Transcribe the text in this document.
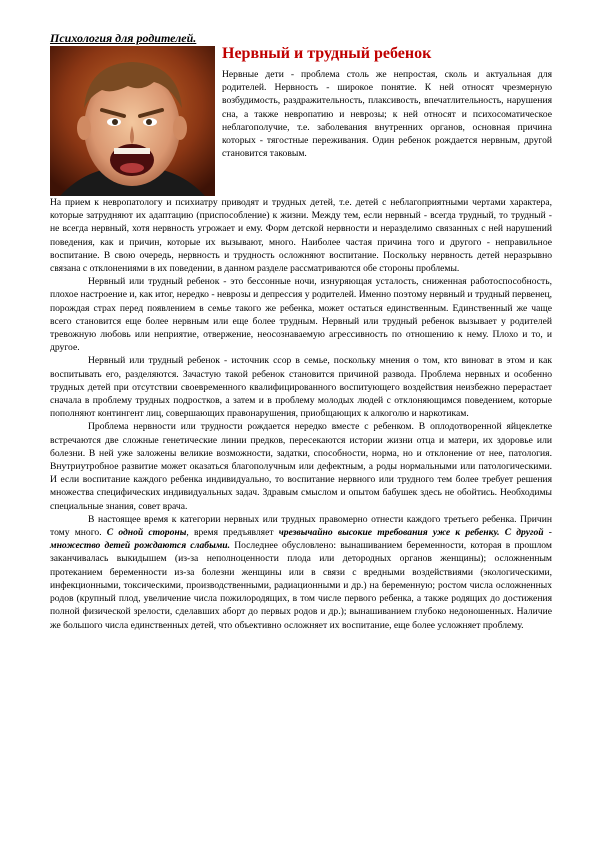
Психология для родителей.
Нервный и трудный ребенок
Нервные дети - проблема столь же непростая, сколь и актуальная для родителей. Нервность - широкое понятие. К ней относят чрезмерную возбудимость, раздражительность, плаксивость, впечатлительность, нарушения сна, а также невропатию и неврозы; к ней относят и психосоматическое неблагополучие, т.е. заболевания внутренних органов, основная причина которых - тягостные переживания. Один ребенок рождается нервным, другой становится таковым.

На прием к невропатологу и психиатру приводят и трудных детей, т.е. детей с неблагоприятными чертами характера, которые затрудняют их адаптацию (приспособление) к жизни. Между тем, если нервный - всегда трудный, то трудный - не всегда нервный, хотя нервность угрожает и ему. Форм детской нервности и неразделимо связанных с ней нарушений поведения, как и причин, которые их вызывают, много. Наиболее частая причина того и другого - неправильное воспитание. В свою очередь, нервность и трудность осложняют воспитание. Поскольку нервность детей неразрывно связана с отклонениями в их поведении, в данном разделе рассматриваются обе стороны проблемы.

Нервный или трудный ребенок - это бессонные ночи, изнуряющая усталость, сниженная работоспособность, плохое настроение и, как итог, нередко - неврозы и депрессия у родителей. Именно поэтому нервный и трудный первенец, порождая страх перед появлением в семье такого же ребенка, может остаться единственным. Единственный же чаще всего становится еще более нервным или еще более трудным. Нервный или трудный ребенок вызывает у родителей тревожную любовь или неприятие, отвержение, неосознаваемую агрессивность по отношению к нему. Плохо и то, и другое.

Нервный или трудный ребенок - источник ссор в семье, поскольку мнения о том, кто виноват в этом и как воспитывать его, разделяются. Зачастую такой ребенок становится причиной развода. Проблема нервных и особенно трудных детей при отсутствии своевременного квалифицированного воспитующего воздействия неизбежно перерастает сначала в проблему трудных подростков, а затем и в проблему молодых людей с отклоняющимся поведением, которые пополняют контингент лиц, совершающих правонарушения, приобщающих к алкоголю и наркотикам.

Проблема нервности или трудности рождается нередко вместе с ребенком. В оплодотворенной яйцеклетке встречаются две сложные генетические линии предков, пересекаются истории жизни отца и матери, их здоровье или болезни. В ней уже заложены великие возможности, задатки, способности, норма, но и отклонение от нее, патология. Внутриутробное развитие может оказаться благополучным или дефектным, а роды нормальными или патологическими. И если воспитание каждого ребенка индивидуально, то воспитание нервного или трудного тем более требует решения множества специфических индивидуальных задач. Здравым смыслом и опытом бабушек здесь не обойтись. Необходимы специальные знания, совет врача.

В настоящее время к категории нервных или трудных правомерно отнести каждого третьего ребенка. Причин тому много. С одной стороны, время предъявляет чрезвычайно высокие требования уже к ребенку. С другой - множество детей рождаются слабыми. Последнее обусловлено: вынашиванием беременности, которая в прошлом заканчивалась выкидышем (из-за неполноценности плода или детородных органов женщины); осложненным протеканием беременности из-за болезни женщины или в связи с вредными воздействиями (экологическими, инфекционными, токсическими, производственными, радиационными и др.) на беременную; ростом числа осложненных родов (крупный плод, увеличение числа пожилородящих, в том числе первого ребенка, а также родящих до достижения полной физической зрелости, сделавших аборт до первых родов и др.); вынашиванием глубоко недоношенных. Наличие же большого числа единственных детей, что объективно осложняет их воспитание, еще более усложняет проблему.
